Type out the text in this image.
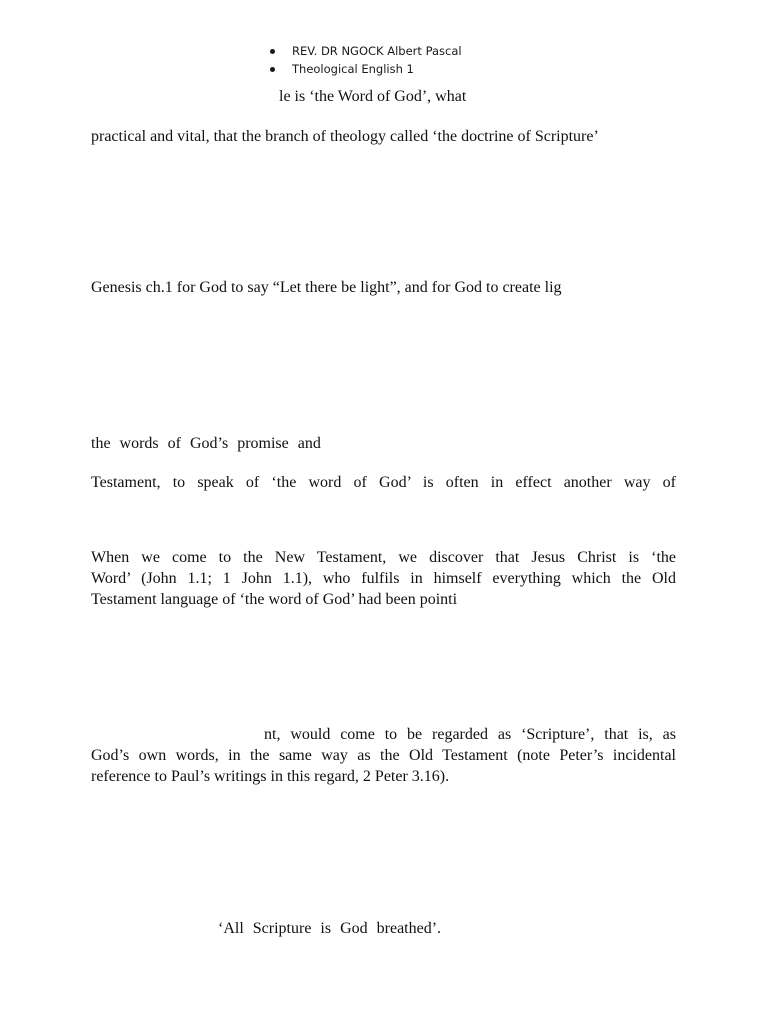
REV. DR NGOCK Albert Pascal
Theological English 1
le is ‘the Word of God’, what
practical and vital, that the branch of theology called ‘the doctrine of Scripture’
Genesis ch.1 for God to say “Let there be light”, and for God to create lig
the words of God’s promise and
Testament, to speak of ‘the word of God’ is often in effect another way of
When we come to the New Testament, we discover that Jesus Christ is ‘the
Word’ (John 1.1; 1 John 1.1), who fulfils in himself everything which the Old
Testament language of ‘the word of God’ had been pointi
nt, would come to be regarded as ‘Scripture’, that is, as
God’s own words, in the same way as the Old Testament (note Peter’s incidental
reference to Paul’s writings in this regard, 2 Peter 3.16).
‘All Scripture is God breathed’.
